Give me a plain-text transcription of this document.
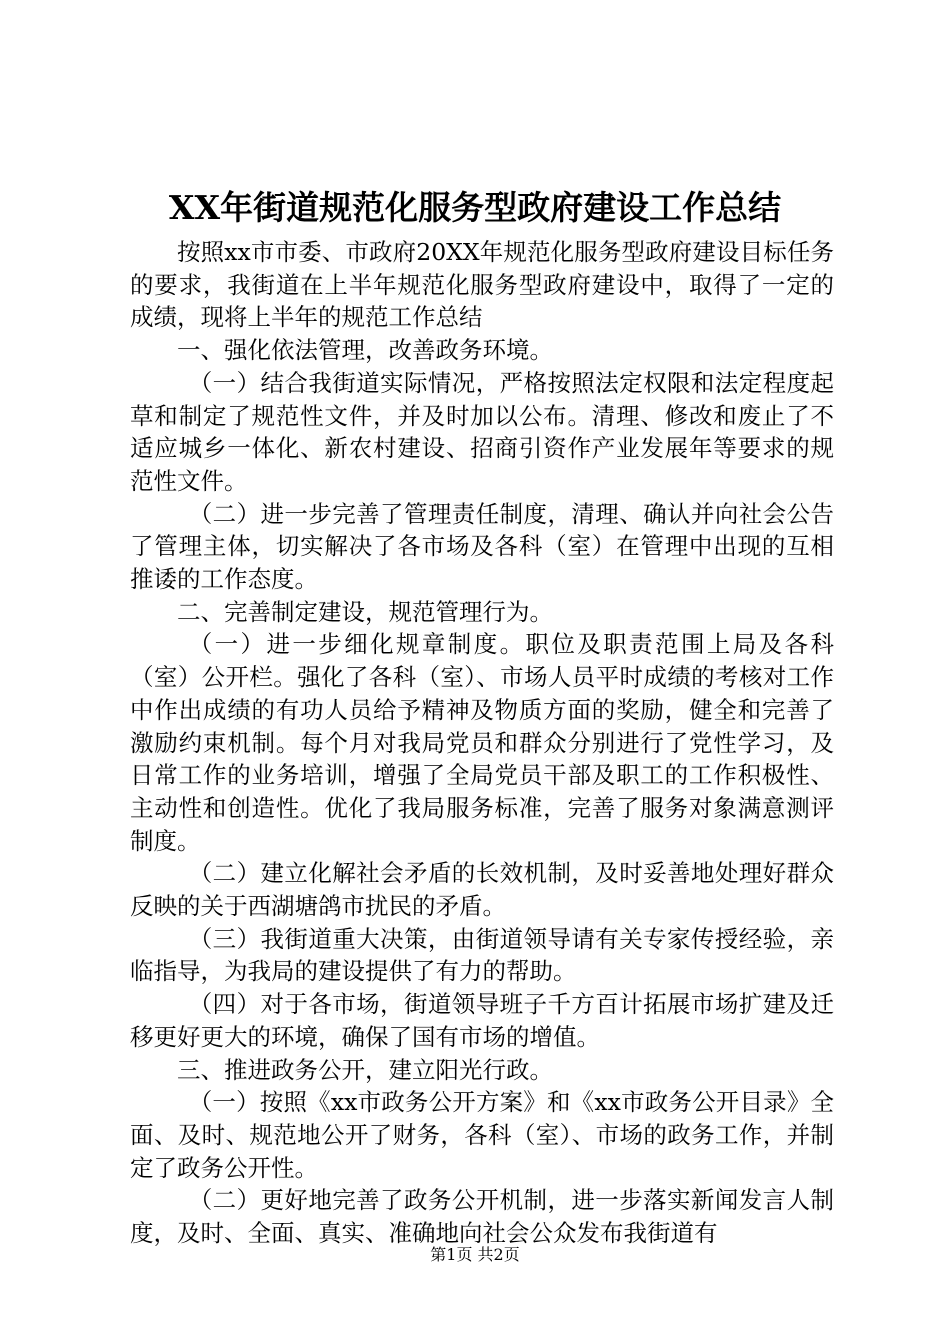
XX年街道规范化服务型政府建设工作总结

按照xx市市委、市政府20XX年规范化服务型政府建设目标任务的要求，我街道在上半年规范化服务型政府建设中，取得了一定的成绩，现将上半年的规范工作总结

一、强化依法管理，改善政务环境。

（一）结合我街道实际情况，严格按照法定权限和法定程度起草和制定了规范性文件，并及时加以公布。清理、修改和废止了不适应城乡一体化、新农村建设、招商引资作产业发展年等要求的规范性文件。

（二）进一步完善了管理责任制度，清理、确认并向社会公告了管理主体，切实解决了各市场及各科（室）在管理中出现的互相推诿的工作态度。

二、完善制定建设，规范管理行为。

（一）进一步细化规章制度。职位及职责范围上局及各科（室）公开栏。强化了各科（室）、市场人员平时成绩的考核对工作中作出成绩的有功人员给予精神及物质方面的奖励，健全和完善了激励约束机制。每个月对我局党员和群众分别进行了党性学习，及日常工作的业务培训，增强了全局党员干部及职工的工作积极性、主动性和创造性。优化了我局服务标准，完善了服务对象满意测评制度。

（二）建立化解社会矛盾的长效机制，及时妥善地处理好群众反映的关于西湖塘鸽市扰民的矛盾。

（三）我街道重大决策，由街道领导请有关专家传授经验，亲临指导，为我局的建设提供了有力的帮助。

（四）对于各市场，街道领导班子千方百计拓展市场扩建及迁移更好更大的环境，确保了国有市场的增值。

三、推进政务公开，建立阳光行政。

（一）按照《xx市政务公开方案》和《xx市政务公开目录》全面、及时、规范地公开了财务，各科（室）、市场的政务工作，并制定了政务公开性。

（二）更好地完善了政务公开机制，进一步落实新闻发言人制度，及时、全面、真实、准确地向社会公众发布我街道有

第1页 共2页
